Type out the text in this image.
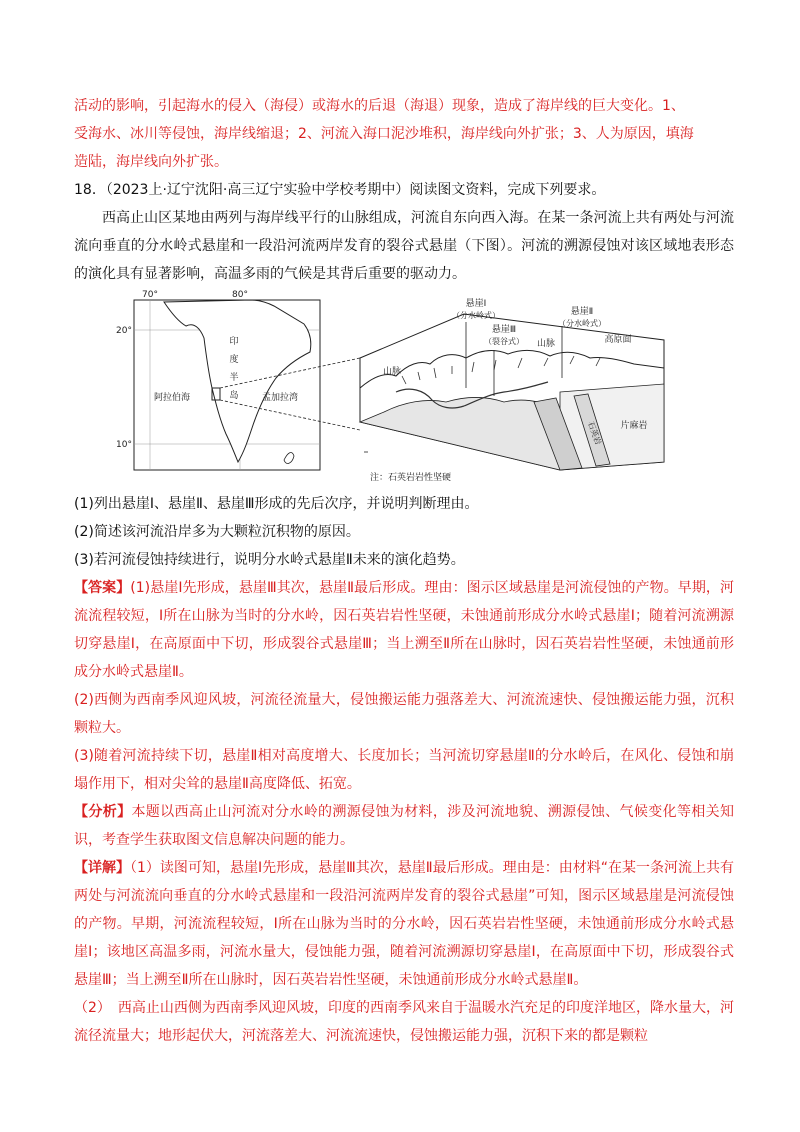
活动的影响，引起海水的侵入（海侵）或海水的后退（海退）现象，造成了海岸线的巨大变化。1、

受海水、冰川等侵蚀，海岸线缩退；2、河流入海口泥沙堆积，海岸线向外扩张；3、人为原因，填海

造陆，海岸线向外扩张。

18．（2023上·辽宁沈阳·高三辽宁实验中学校考期中）阅读图文资料，完成下列要求。

西高止山区某地由两列与海岸线平行的山脉组成，河流自东向西入海。在某一条河流上共有两处与河流流向垂直的分水岭式悬崖和一段沿河流两岸发育的裂谷式悬崖（下图）。河流的溯源侵蚀对该区域地表形态的演化具有显著影响，高温多雨的气候是其背后重要的驱动力。

70°	80°
20°
10°
印
度
半
岛
阿拉伯海	孟加拉湾
悬崖Ⅰ
（分水岭式）
悬崖Ⅲ
（裂谷式）
悬崖Ⅱ
（分水岭式）
山脉	高原面
山脉
片麻岩
石英岩
注：石英岩岩性坚硬

(1)列出悬崖Ⅰ、悬崖Ⅱ、悬崖Ⅲ形成的先后次序，并说明判断理由。

(2)简述该河流沿岸多为大颗粒沉积物的原因。

(3)若河流侵蚀持续进行，说明分水岭式悬崖Ⅱ未来的演化趋势。

【答案】(1)悬崖Ⅰ先形成，悬崖Ⅲ其次，悬崖Ⅱ最后形成。理由：图示区域悬崖是河流侵蚀的产物。早期，河流流程较短，Ⅰ所在山脉为当时的分水岭，因石英岩岩性坚硬，未蚀通前形成分水岭式悬崖Ⅰ；随着河流溯源切穿悬崖Ⅰ，在高原面中下切，形成裂谷式悬崖Ⅲ；当上溯至Ⅱ所在山脉时，因石英岩岩性坚硬，未蚀通前形成分水岭式悬崖Ⅱ。

(2)西侧为西南季风迎风坡，河流径流量大，侵蚀搬运能力强落差大、河流流速快、侵蚀搬运能力强，沉积颗粒大。

(3)随着河流持续下切，悬崖Ⅱ相对高度增大、长度加长；当河流切穿悬崖Ⅱ的分水岭后，在风化、侵蚀和崩塌作用下，相对尖耸的悬崖Ⅱ高度降低、拓宽。

【分析】本题以西高止山河流对分水岭的溯源侵蚀为材料，涉及河流地貌、溯源侵蚀、气候变化等相关知识，考查学生获取图文信息解决问题的能力。

【详解】（1）读图可知，悬崖Ⅰ先形成，悬崖Ⅲ其次，悬崖Ⅱ最后形成。理由是：由材料“在某一条河流上共有两处与河流流向垂直的分水岭式悬崖和一段沿河流两岸发育的裂谷式悬崖”可知，图示区域悬崖是河流侵蚀的产物。早期，河流流程较短，Ⅰ所在山脉为当时的分水岭，因石英岩岩性坚硬，未蚀通前形成分水岭式悬崖Ⅰ；该地区高温多雨，河流水量大，侵蚀能力强，随着河流溯源切穿悬崖Ⅰ，在高原面中下切，形成裂谷式悬崖Ⅲ；当上溯至Ⅱ所在山脉时，因石英岩岩性坚硬，未蚀通前形成分水岭式悬崖Ⅱ。

（2）　西高止山西侧为西南季风迎风坡，印度的西南季风来自于温暖水汽充足的印度洋地区，降水量大，河流径流量大；地形起伏大，河流落差大、河流流速快，侵蚀搬运能力强，沉积下来的都是颗粒
